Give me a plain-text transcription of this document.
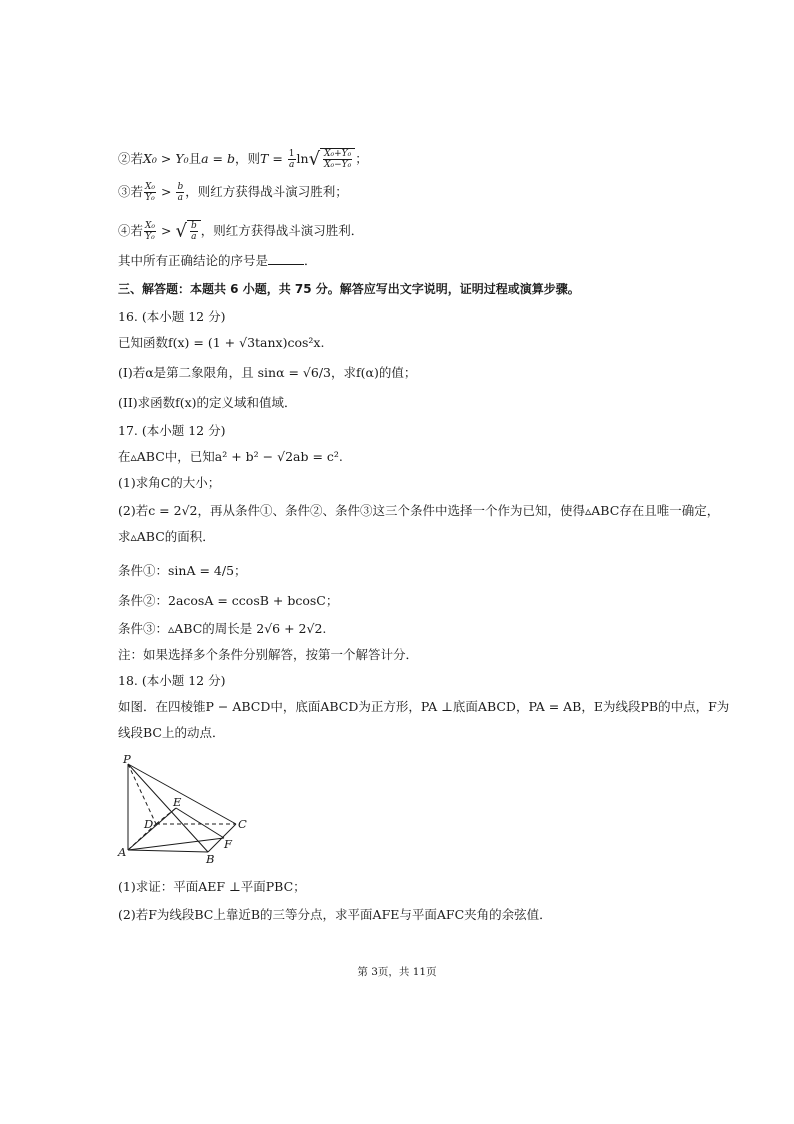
②若X₀ > Y₀且a = b，则$T = \frac{1}{a} \ln√ \frac{\text{X₀+Y₀}}{\text{X₀−Y₀}}$ ；
③若 $\frac{\text{X₀}}{\text{Y₀}} > \frac{b}{a}$ ，则红方获得战斗演习胜利；
④若 $\frac{\text{X₀}}{\text{Y₀}}$ > √ $\frac{b}{a}$ ，则红方获得战斗演习胜利．
其中所有正确结论的序号是	．
三、解答题：本题共 6 小题，共 75 分。解答应写出文字说明，证明过程或演算步骤。
16. (本小题 12 分)
已知函数f(x) = (1 + √3tanx)cos²x.
(I)若α是第二象限角，且 sinα = √6/3，求f(α)的值；
(II)求函数f(x)的定义域和值域．
17. (本小题 12 分)
在▵ABC中，已知a² + b² − √2ab = c².
(1)求角C的大小；
(2)若c = 2√2，再从条件①、条件②、条件③这三个条件中选择一个作为已知，使得▵ABC存在且唯一确定，
求▵ABC的面积．
条件①：sinA = 4/5；
条件②：2acosA = ccosB + bcosC；
条件③：▵ABC的周长是 2√6 + 2√2.
注：如果选择多个条件分别解答，按第一个解答计分．
18. (本小题 12 分)
如图．在四棱锥P − ABCD中，底面ABCD为正方形，PA ⊥底面ABCD，PA = AB，E为线段PB的中点，F为
线段BC上的动点．
P
E
D	C
A
F
B
(1)求证：平面AEF ⊥平面PBC；
(2)若F为线段BC上靠近B的三等分点，求平面AFE与平面AFC夹角的余弦值．
第 3页，共 11页
